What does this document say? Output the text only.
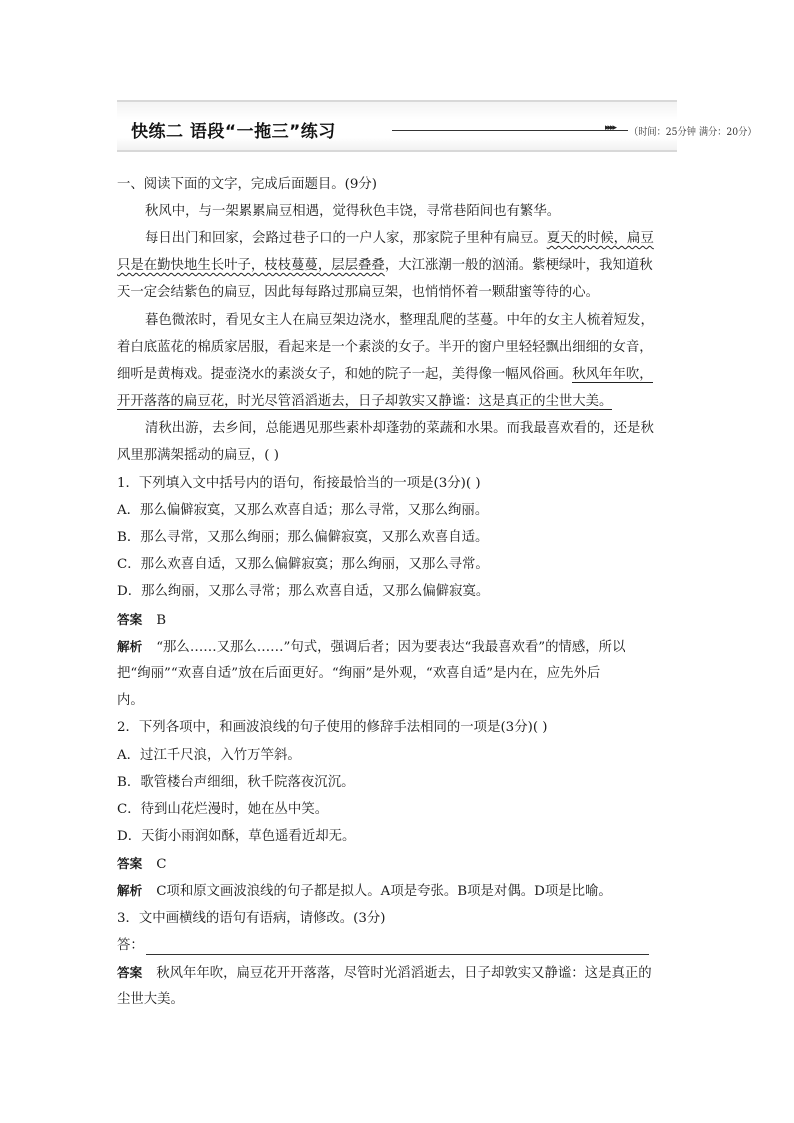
快练二 语段“一拖三”练习	▸▸▸▸ （时间：25分钟 满分：20分）
一、阅读下面的文字，完成后面题目。(9分)
秋风中，与一架累累扁豆相遇，觉得秋色丰饶，寻常巷陌间也有繁华。
每日出门和回家，会路过巷子口的一户人家，那家院子里种有扁豆。夏天的时候，扁豆
只是在勤快地生长叶子，枝枝蔓蔓，层层叠叠，大江涨潮一般的汹涌。紫梗绿叶，我知道秋
天一定会结紫色的扁豆，因此每每路过那扁豆架，也悄悄怀着一颗甜蜜等待的心。
暮色微浓时，看见女主人在扁豆架边浇水，整理乱爬的茎蔓。中年的女主人梳着短发，
着白底蓝花的棉质家居服，看起来是一个素淡的女子。半开的窗户里轻轻飘出细细的女音，
细听是黄梅戏。提壶浇水的素淡女子，和她的院子一起，美得像一幅风俗画。秋风年年吹，
开开落落的扁豆花，时光尽管滔滔逝去，日子却敦实又静谧：这是真正的尘世大美。
清秋出游，去乡间，总能遇见那些素朴却蓬勃的菜蔬和水果。而我最喜欢看的，还是秋
风里那满架摇动的扁豆，( )
1．下列填入文中括号内的语句，衔接最恰当的一项是(3分)( )
A．那么偏僻寂寞，又那么欢喜自适；那么寻常，又那么绚丽。
B．那么寻常，又那么绚丽；那么偏僻寂寞，又那么欢喜自适。
C．那么欢喜自适，又那么偏僻寂寞；那么绚丽，又那么寻常。
D．那么绚丽，又那么寻常；那么欢喜自适，又那么偏僻寂寞。
答案 B
解析 “那么……又那么……”句式，强调后者；因为要表达“我最喜欢看”的情感，所以
把“绚丽”“欢喜自适”放在后面更好。“绚丽”是外观，“欢喜自适”是内在，应先外后
内。
2．下列各项中，和画波浪线的句子使用的修辞手法相同的一项是(3分)( )
A．过江千尺浪，入竹万竿斜。
B．歌管楼台声细细，秋千院落夜沉沉。
C．待到山花烂漫时，她在丛中笑。
D．天街小雨润如酥，草色遥看近却无。
答案 C
解析 C项和原文画波浪线的句子都是拟人。A项是夸张。B项是对偶。D项是比喻。
3．文中画横线的语句有语病，请修改。(3分)
答：
答案 秋风年年吹，扁豆花开开落落，尽管时光滔滔逝去，日子却敦实又静谧：这是真正的
尘世大美。
